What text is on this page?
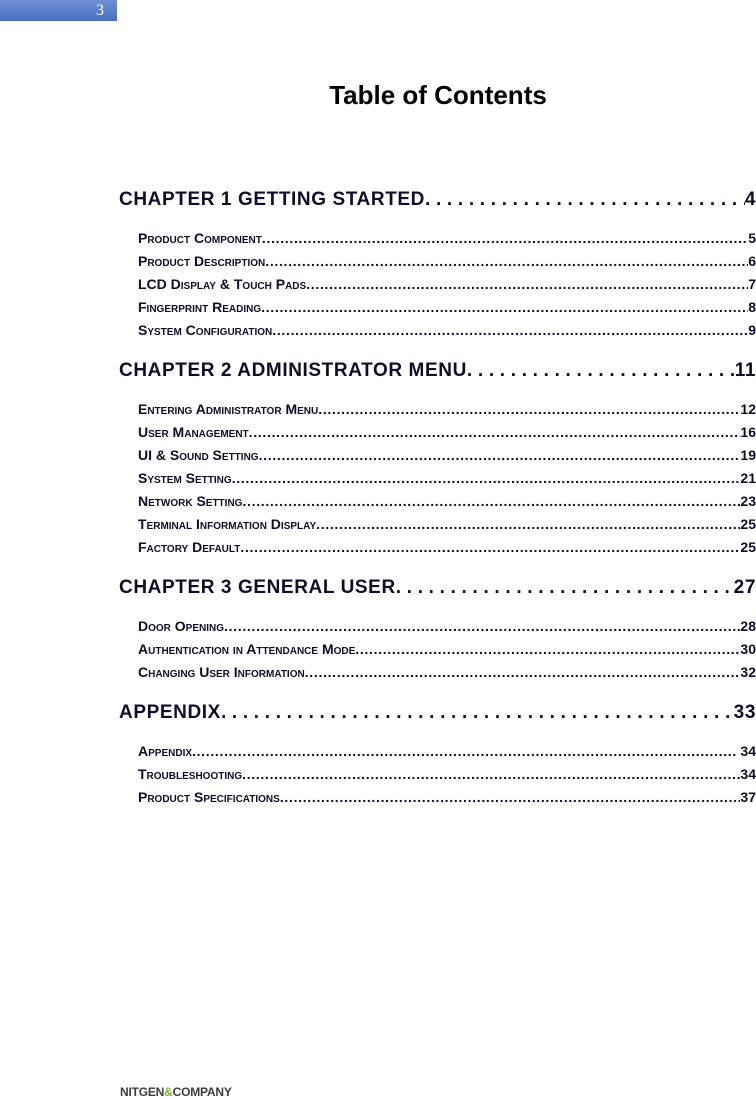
3
Table of Contents
CHAPTER 1 GETTING STARTED . . .	4
Product Component . . .	5
Product Description . . .	6
LCD Display & Touch Pads . . .	7
Fingerprint Reading . . .	8
System Configuration . . .	9
CHAPTER 2 ADMINISTRATOR MENU . . .	11
Entering Administrator Menu . . .	12
User Management . . .	16
UI & Sound Setting . . .	19
System Setting . . .	21
Network Setting . . .	23
Terminal Information Display . . .	25
Factory Default . . .	25
CHAPTER 3 GENERAL USER . . .	27
Door Opening . . .	28
Authentication in Attendance Mode . . .	30
Changing User Information . . .	32
APPENDIX . . .	33
Appendix . . .	34
Troubleshooting . . .	34
Product Specifications . . .	37
NITGEN&COMPANY
